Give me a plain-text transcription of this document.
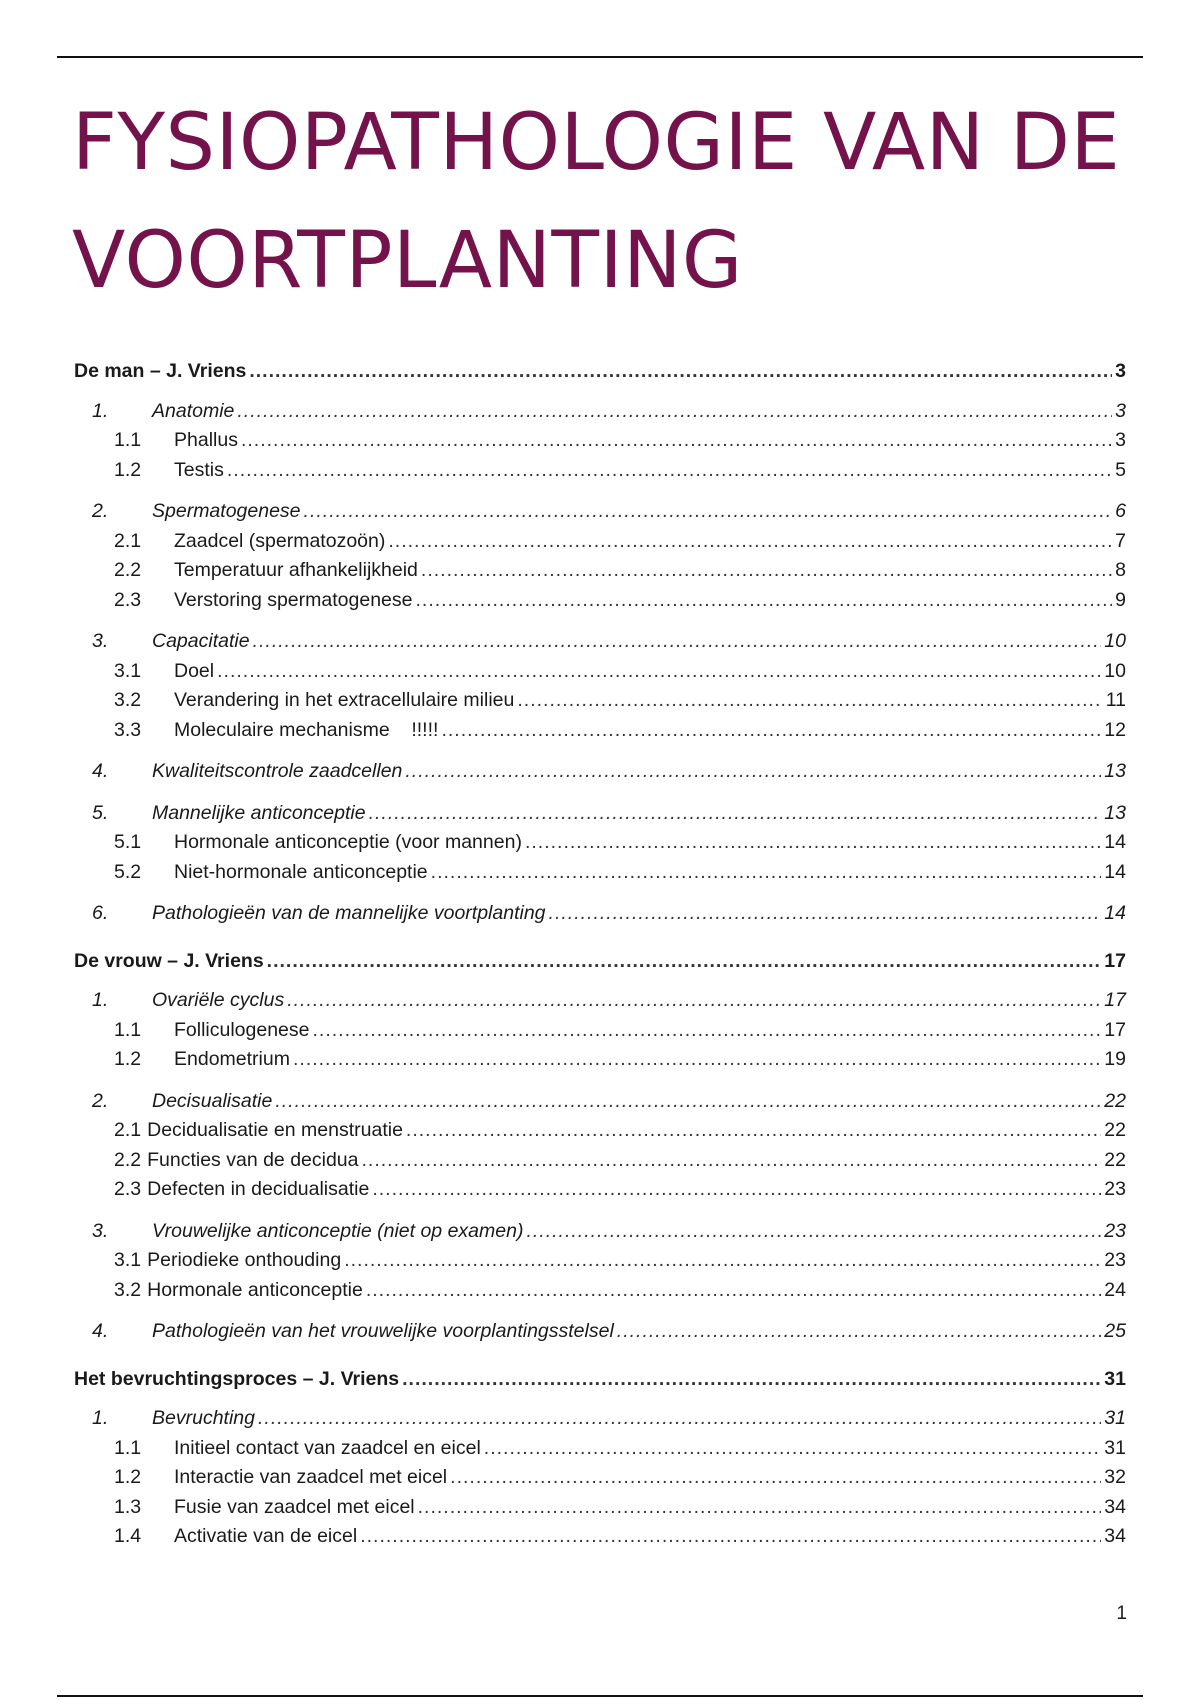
FYSIOPATHOLOGIE VAN DE VOORTPLANTING
De man – J. Vriens .....	3
1.	Anatomie .....	3
1.1	Phallus .....	3
1.2	Testis .....	5
2.	Spermatogenese .....	6
2.1	Zaadcel (spermatozoön) .....	7
2.2	Temperatuur afhankelijkheid .....	8
2.3	Verstoring spermatogenese .....	9
3.	Capacitatie .....	10
3.1	Doel .....	10
3.2	Verandering in het extracellulaire milieu .....	11
3.3	Moleculaire mechanisme    !!!!! .....	12
4.	Kwaliteitscontrole zaadcellen .....	13
5.	Mannelijke anticonceptie .....	13
5.1	Hormonale anticonceptie (voor mannen) .....	14
5.2	Niet-hormonale anticonceptie .....	14
6.	Pathologieën van de mannelijke voortplanting .....	14
De vrouw – J. Vriens .....	17
1.	Ovariële cyclus .....	17
1.1	Folliculogenese .....	17
1.2	Endometrium .....	19
2.	Decisualisatie .....	22
2.1 Decidualisatie en menstruatie .....	22
2.2 Functies van de decidua .....	22
2.3 Defecten in decidualisatie .....	23
3.	Vrouwelijke anticonceptie (niet op examen) .....	23
3.1 Periodieke onthouding .....	23
3.2 Hormonale anticonceptie .....	24
4.	Pathologieën van het vrouwelijke voorplantingsstelsel .....	25
Het bevruchtingsproces – J. Vriens .....	31
1.	Bevruchting .....	31
1.1	Initieel contact van zaadcel en eicel .....	31
1.2	Interactie van zaadcel met eicel .....	32
1.3	Fusie van zaadcel met eicel .....	34
1.4	Activatie van de eicel .....	34
1
